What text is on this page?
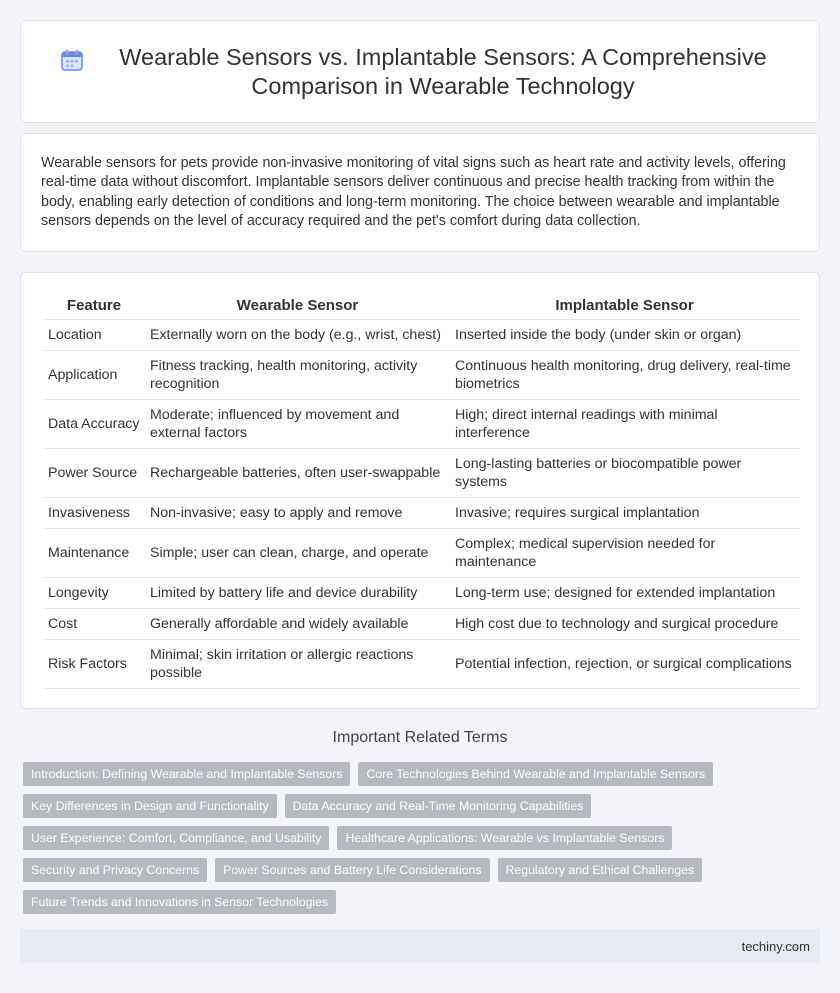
Wearable Sensors vs. Implantable Sensors: A Comprehensive Comparison in Wearable Technology

Wearable sensors for pets provide non-invasive monitoring of vital signs such as heart rate and activity levels, offering real-time data without discomfort. Implantable sensors deliver continuous and precise health tracking from within the body, enabling early detection of conditions and long-term monitoring. The choice between wearable and implantable sensors depends on the level of accuracy required and the pet's comfort during data collection.

Feature	Wearable Sensor	Implantable Sensor
Location	Externally worn on the body (e.g., wrist, chest)	Inserted inside the body (under skin or organ)
Application	Fitness tracking, health monitoring, activity recognition	Continuous health monitoring, drug delivery, real-time biometrics
Data Accuracy	Moderate; influenced by movement and external factors	High; direct internal readings with minimal interference
Power Source	Rechargeable batteries, often user-swappable	Long-lasting batteries or biocompatible power systems
Invasiveness	Non-invasive; easy to apply and remove	Invasive; requires surgical implantation
Maintenance	Simple; user can clean, charge, and operate	Complex; medical supervision needed for maintenance
Longevity	Limited by battery life and device durability	Long-term use; designed for extended implantation
Cost	Generally affordable and widely available	High cost due to technology and surgical procedure
Risk Factors	Minimal; skin irritation or allergic reactions possible	Potential infection, rejection, or surgical complications
Important Related Terms
Introduction: Defining Wearable and Implantable Sensors	Core Technologies Behind Wearable and Implantable Sensors
Key Differences in Design and Functionality	Data Accuracy and Real-Time Monitoring Capabilities
User Experience: Comfort, Compliance, and Usability	Healthcare Applications: Wearable vs Implantable Sensors
Security and Privacy Concerns	Power Sources and Battery Life Considerations	Regulatory and Ethical Challenges
Future Trends and Innovations in Sensor Technologies
techiny.com
